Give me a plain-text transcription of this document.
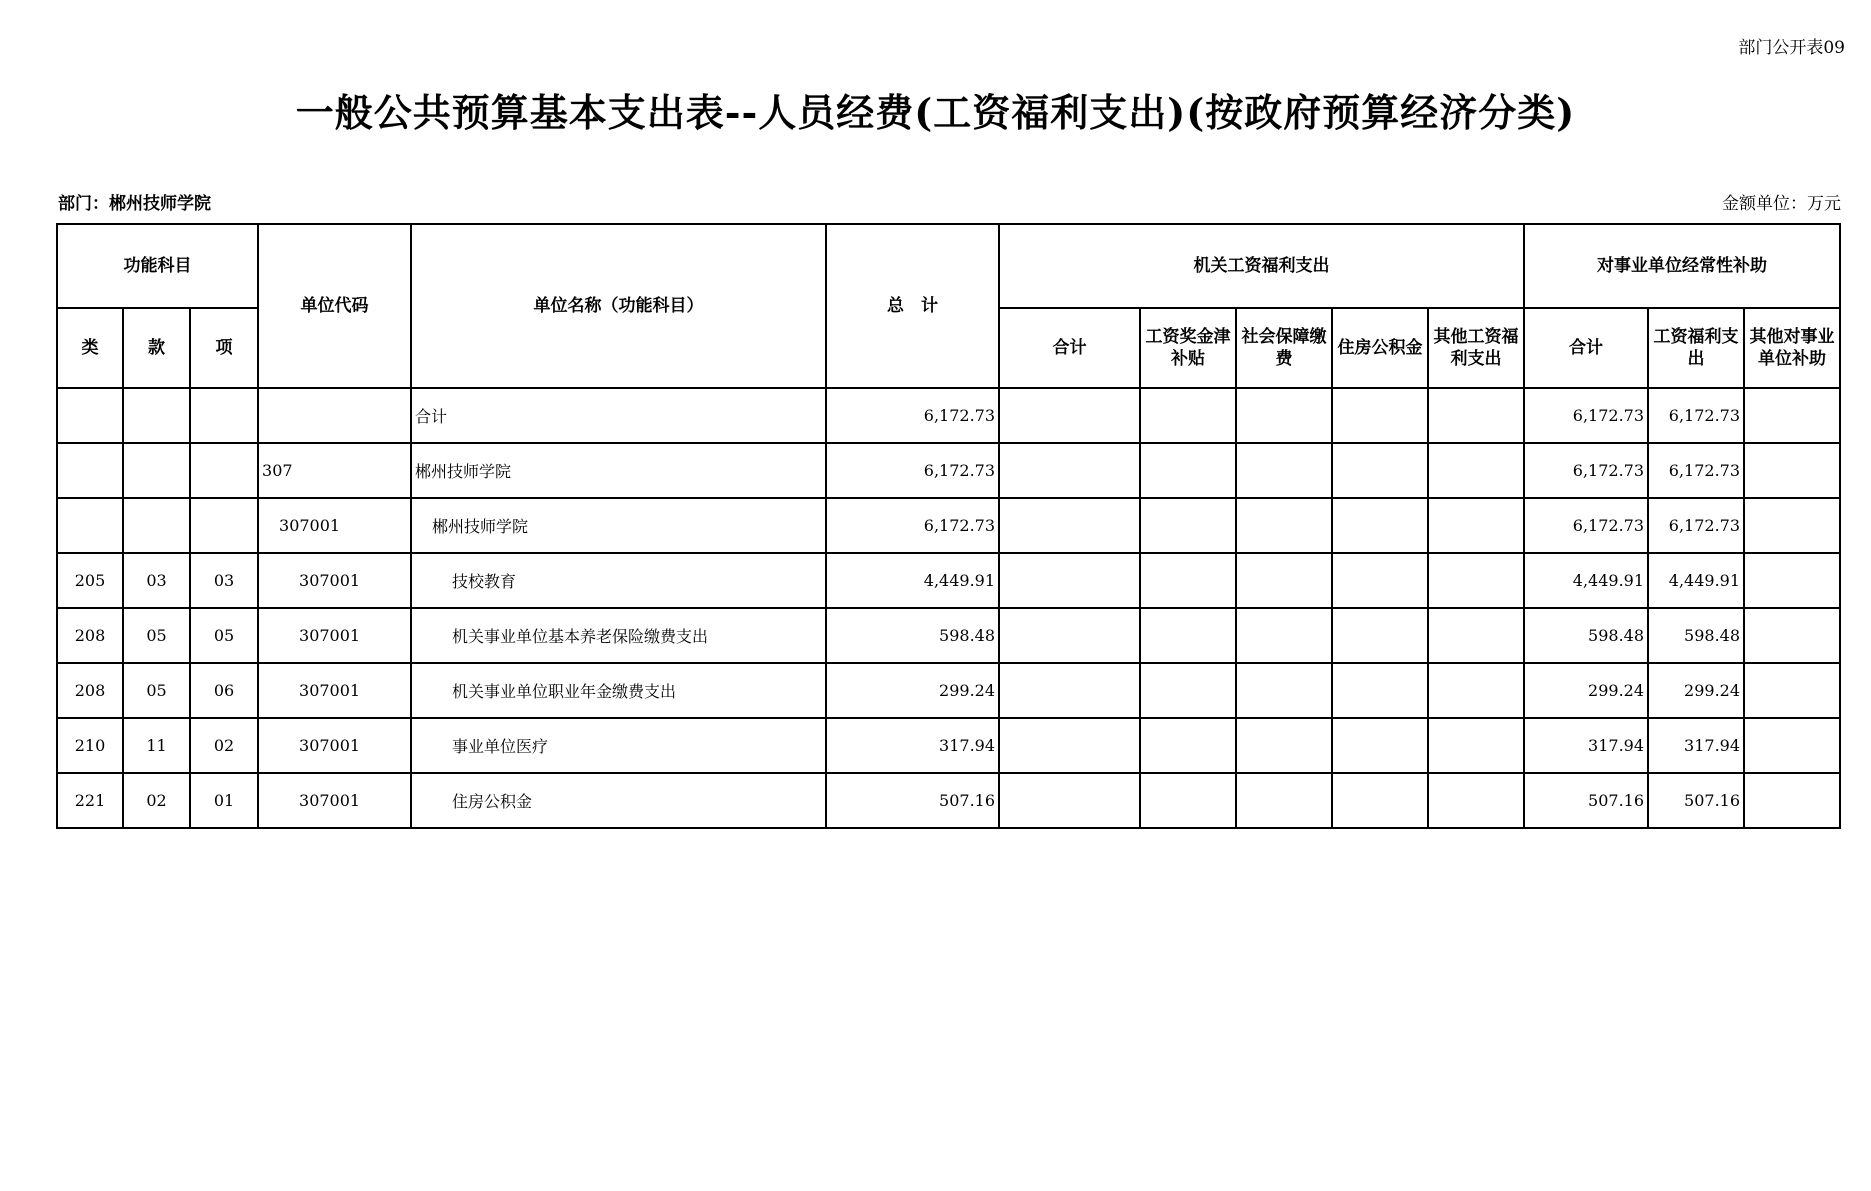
部门公开表09
一般公共预算基本支出表--人员经费(工资福利支出)(按政府预算经济分类)
部门：郴州技师学院	金额单位：万元
功能科目			单位代码	单位名称（功能科目）	总　计	机关工资福利支出					对事业单位经常性补助		
类	款	项				合计	工资奖金津补贴	社会保障缴费	住房公积金	其他工资福利支出	合计	工资福利支出	其他对事业单位补助
				合计	6,172.73						6,172.73	6,172.73	
			307	郴州技师学院	6,172.73						6,172.73	6,172.73	
			307001	郴州技师学院	6,172.73						6,172.73	6,172.73	
205	03	03	307001	技校教育	4,449.91						4,449.91	4,449.91	
208	05	05	307001	机关事业单位基本养老保险缴费支出	598.48						598.48	598.48	
208	05	06	307001	机关事业单位职业年金缴费支出	299.24						299.24	299.24	
210	11	02	307001	事业单位医疗	317.94						317.94	317.94	
221	02	01	307001	住房公积金	507.16						507.16	507.16	
